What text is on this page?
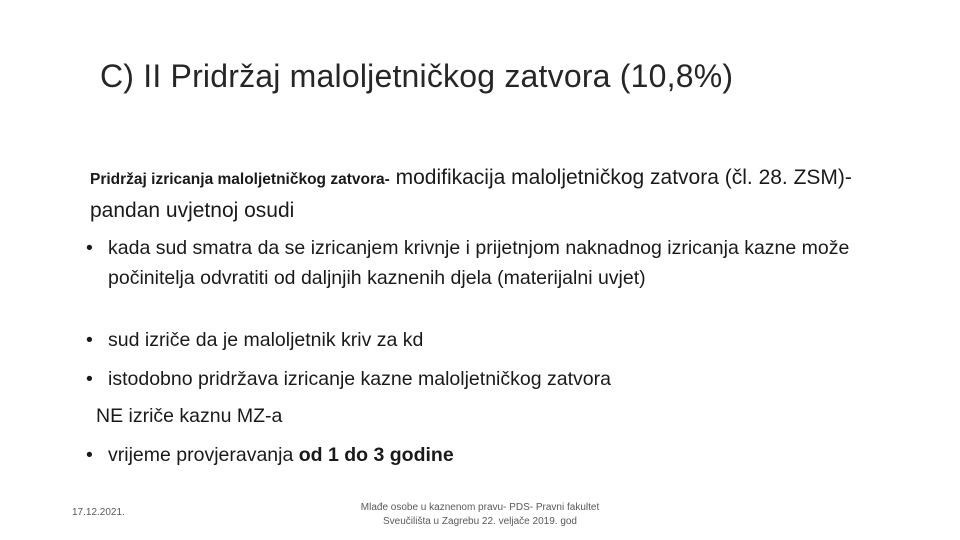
C) II Pridržaj maloljetničkog zatvora (10,8%)
Pridržaj izricanja maloljetničkog zatvora- modifikacija maloljetničkog zatvora (čl. 28. ZSM)-pandan uvjetnoj osudi
• kada sud smatra da se izricanjem krivnje i prijetnjom naknadnog izricanja kazne može počinitelja odvratiti od daljnjih kaznenih djela (materijalni uvjet)
• sud izriče da je maloljetnik kriv za kd
• istodobno pridržava izricanje kazne maloljetničkog zatvora
NE izriče kaznu MZ-a
• vrijeme provjeravanja od 1 do 3 godine
17.12.2021.	Mlađe osobe u kaznenom pravu- PDS- Pravni fakultet
Sveučilišta u Zagrebu 22. veljače 2019. god
